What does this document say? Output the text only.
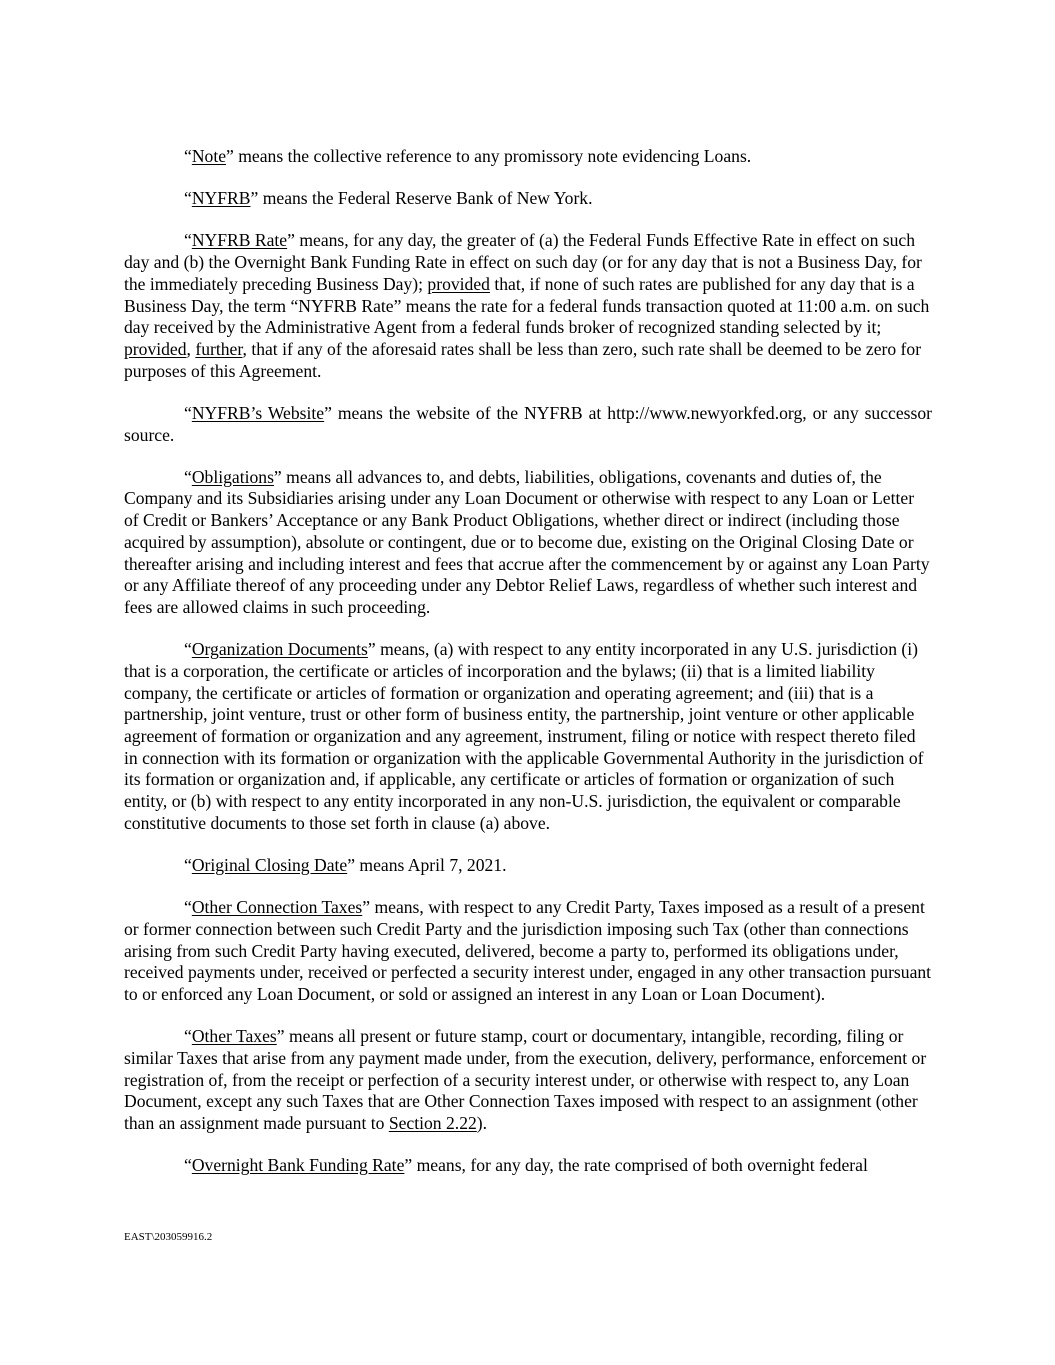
“Note” means the collective reference to any promissory note evidencing Loans.

“NYFRB” means the Federal Reserve Bank of New York.

“NYFRB Rate” means, for any day, the greater of (a) the Federal Funds Effective Rate in effect on such day and (b) the Overnight Bank Funding Rate in effect on such day (or for any day that is not a Business Day, for the immediately preceding Business Day); provided that, if none of such rates are published for any day that is a Business Day, the term “NYFRB Rate” means the rate for a federal funds transaction quoted at 11:00 a.m. on such day received by the Administrative Agent from a federal funds broker of recognized standing selected by it; provided, further, that if any of the aforesaid rates shall be less than zero, such rate shall be deemed to be zero for purposes of this Agreement.

“NYFRB’s Website” means the website of the NYFRB at http://www.newyorkfed.org, or any successor source.

“Obligations” means all advances to, and debts, liabilities, obligations, covenants and duties of, the Company and its Subsidiaries arising under any Loan Document or otherwise with respect to any Loan or Letter of Credit or Bankers’ Acceptance or any Bank Product Obligations, whether direct or indirect (including those acquired by assumption), absolute or contingent, due or to become due, existing on the Original Closing Date or thereafter arising and including interest and fees that accrue after the commencement by or against any Loan Party or any Affiliate thereof of any proceeding under any Debtor Relief Laws, regardless of whether such interest and fees are allowed claims in such proceeding.

“Organization Documents” means, (a) with respect to any entity incorporated in any U.S. jurisdiction (i) that is a corporation, the certificate or articles of incorporation and the bylaws; (ii) that is a limited liability company, the certificate or articles of formation or organization and operating agreement; and (iii) that is a partnership, joint venture, trust or other form of business entity, the partnership, joint venture or other applicable agreement of formation or organization and any agreement, instrument, filing or notice with respect thereto filed in connection with its formation or organization with the applicable Governmental Authority in the jurisdiction of its formation or organization and, if applicable, any certificate or articles of formation or organization of such entity, or (b) with respect to any entity incorporated in any non-U.S. jurisdiction, the equivalent or comparable constitutive documents to those set forth in clause (a) above.

“Original Closing Date” means April 7, 2021.

“Other Connection Taxes” means, with respect to any Credit Party, Taxes imposed as a result of a present or former connection between such Credit Party and the jurisdiction imposing such Tax (other than connections arising from such Credit Party having executed, delivered, become a party to, performed its obligations under, received payments under, received or perfected a security interest under, engaged in any other transaction pursuant to or enforced any Loan Document, or sold or assigned an interest in any Loan or Loan Document).

“Other Taxes” means all present or future stamp, court or documentary, intangible, recording, filing or similar Taxes that arise from any payment made under, from the execution, delivery, performance, enforcement or registration of, from the receipt or perfection of a security interest under, or otherwise with respect to, any Loan Document, except any such Taxes that are Other Connection Taxes imposed with respect to an assignment (other than an assignment made pursuant to Section 2.22).

“Overnight Bank Funding Rate” means, for any day, the rate comprised of both overnight federal

EAST\203059916.2
